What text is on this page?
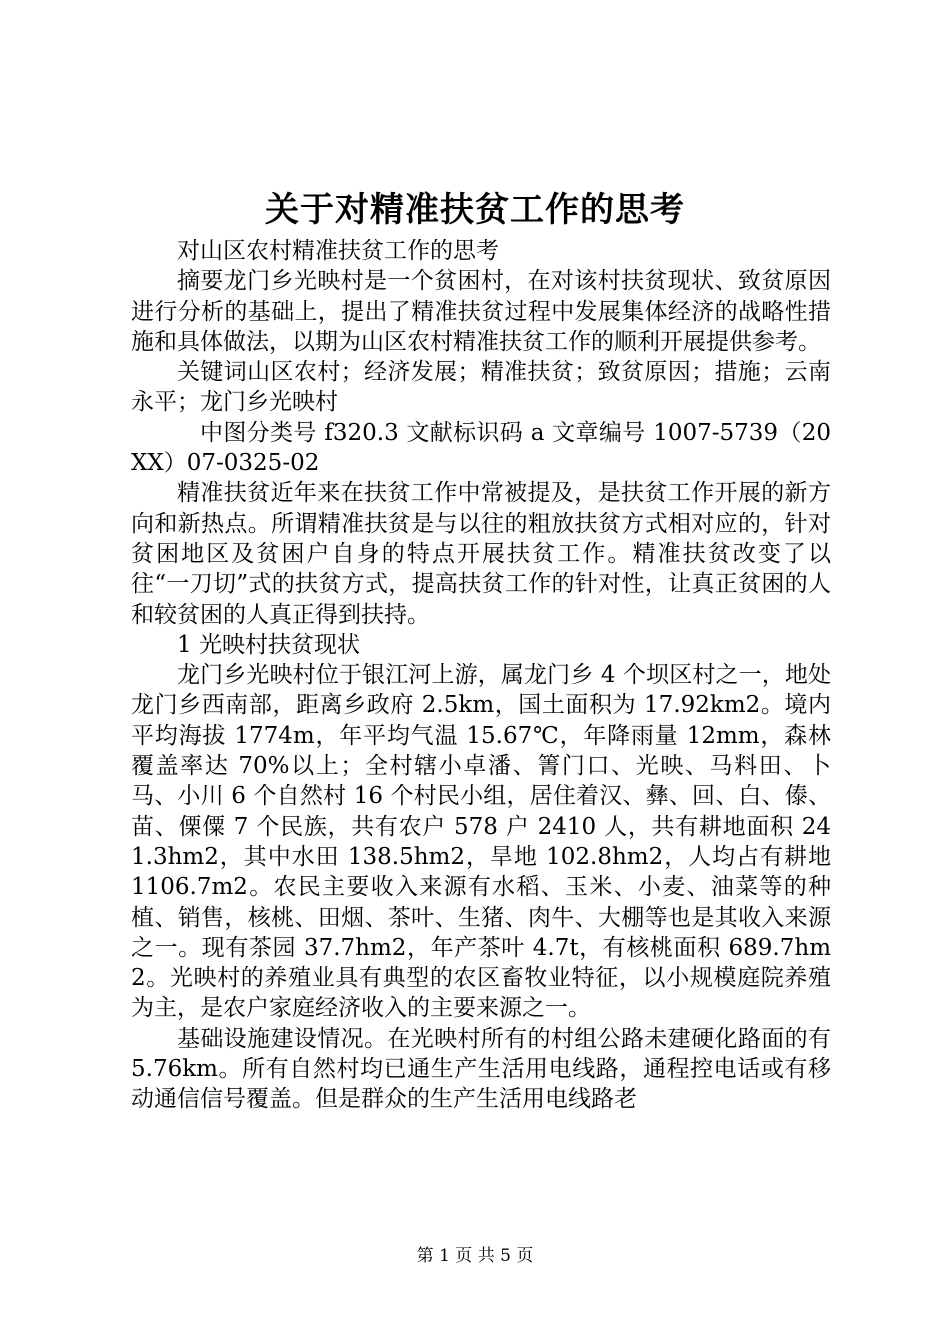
关于对精准扶贫工作的思考

对山区农村精准扶贫工作的思考

摘要龙门乡光映村是一个贫困村，在对该村扶贫现状、致贫原因进行分析的基础上，提出了精准扶贫过程中发展集体经济的战略性措施和具体做法，以期为山区农村精准扶贫工作的顺利开展提供参考。

关键词山区农村；经济发展；精准扶贫；致贫原因；措施；云南永平；龙门乡光映村

中图分类号 f320.3 文献标识码 a 文章编号 1007-5739（20XX）07-0325-02

精准扶贫近年来在扶贫工作中常被提及，是扶贫工作开展的新方向和新热点。所谓精准扶贫是与以往的粗放扶贫方式相对应的，针对贫困地区及贫困户自身的特点开展扶贫工作。精准扶贫改变了以往“一刀切”式的扶贫方式，提高扶贫工作的针对性，让真正贫困的人和较贫困的人真正得到扶持。

1 光映村扶贫现状

龙门乡光映村位于银江河上游，属龙门乡 4 个坝区村之一，地处龙门乡西南部，距离乡政府 2.5km，国土面积为 17.92km2。境内平均海拔 1774m，年平均气温 15.67℃，年降雨量 12mm，森林覆盖率达 70%以上；全村辖小卓潘、箐门口、光映、马料田、卜马、小川 6 个自然村 16 个村民小组，居住着汉、彝、回、白、傣、苗、傈僳 7 个民族，共有农户 578 户 2410 人，共有耕地面积 241.3hm2，其中水田 138.5hm2，旱地 102.8hm2，人均占有耕地 1106.7m2。农民主要收入来源有水稻、玉米、小麦、油菜等的种植、销售，核桃、田烟、茶叶、生猪、肉牛、大棚等也是其收入来源之一。现有茶园 37.7hm2，年产茶叶 4.7t，有核桃面积 689.7hm2。光映村的养殖业具有典型的农区畜牧业特征，以小规模庭院养殖为主，是农户家庭经济收入的主要来源之一。

基础设施建设情况。在光映村所有的村组公路未建硬化路面的有 5.76km。所有自然村均已通生产生活用电线路，通程控电话或有移动通信信号覆盖。但是群众的生产生活用电线路老

第 1 页 共 5 页
